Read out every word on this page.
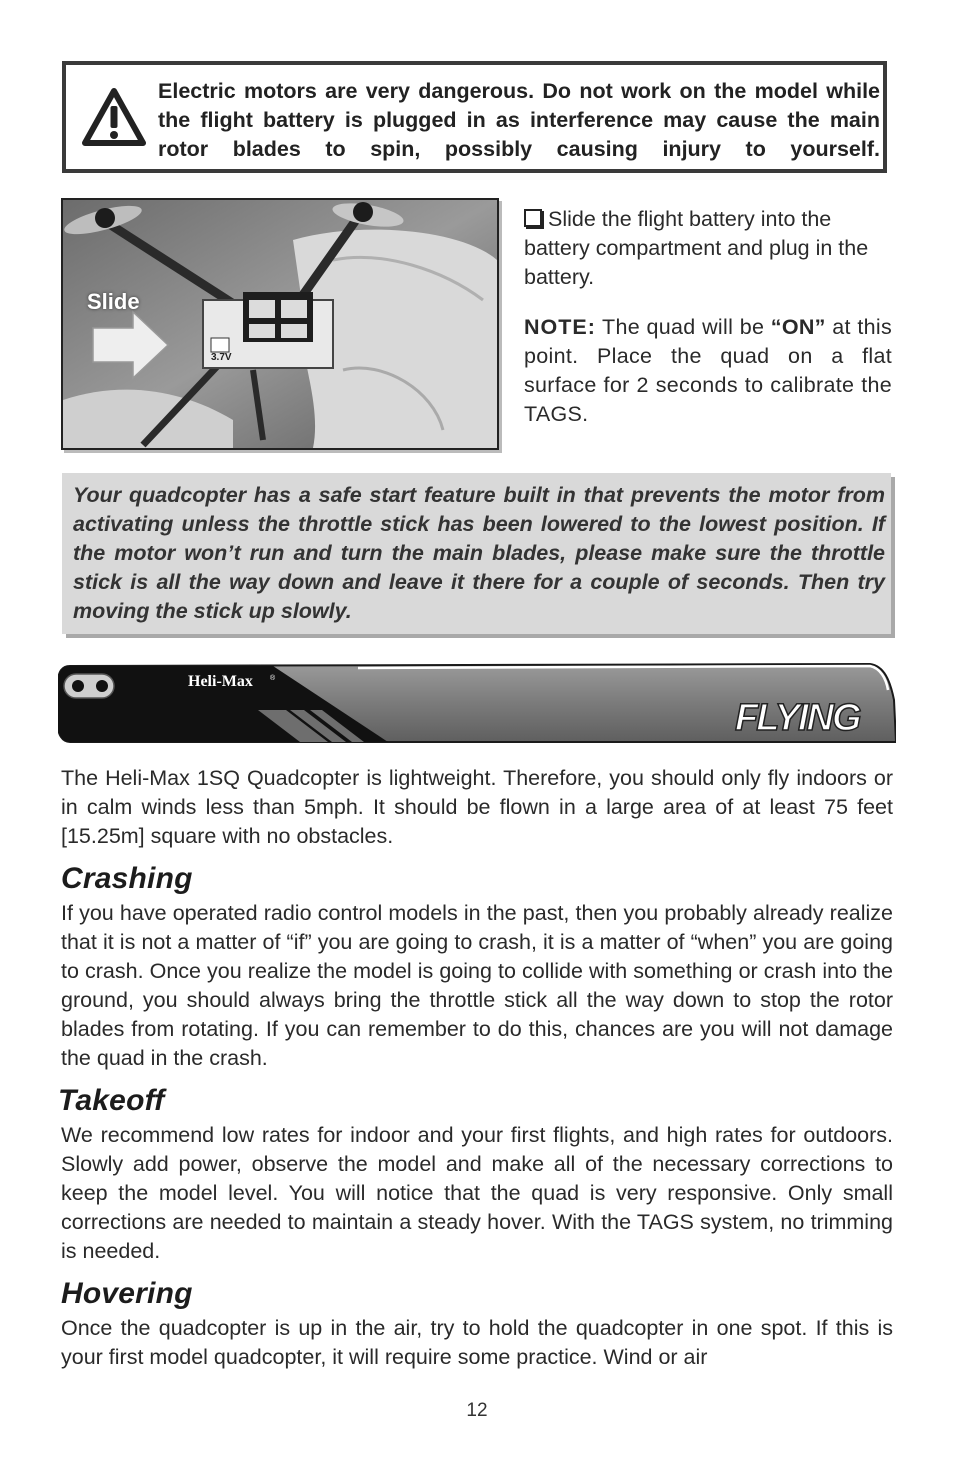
Electric motors are very dangerous. Do not work on the model while the flight battery is plugged in as interference may cause the main rotor blades to spin, possibly causing injury to yourself.
3.7V
Slide
Slide the flight battery into the battery compartment and plug in the battery.
NOTE: The quad will be “ON” at this point. Place the quad on a flat surface for 2 seconds to calibrate the TAGS.
Your quadcopter has a safe start feature built in that prevents the motor from activating unless the throttle stick has been lowered to the lowest position. If the motor won’t run and turn the main blades, please make sure the throttle stick is all the way down and leave it there for a couple of seconds. Then try moving the stick up slowly.
Heli-Max ®
FLYING
The Heli-Max 1SQ Quadcopter is lightweight. Therefore, you should only fly indoors or in calm winds less than 5mph. It should be flown in a large area of at least 75 feet [15.25m] square with no obstacles.
Crashing
If you have operated radio control models in the past, then you probably already realize that it is not a matter of “if” you are going to crash, it is a matter of “when” you are going to crash. Once you realize the model is going to collide with something or crash into the ground, you should always bring the throttle stick all the way down to stop the rotor blades from rotating. If you can remember to do this, chances are you will not damage the quad in the crash.
Takeoff
We recommend low rates for indoor and your first flights, and high rates for outdoors. Slowly add power, observe the model and make all of the necessary corrections to keep the model level. You will notice that the quad is very responsive. Only small corrections are needed to maintain a steady hover. With the TAGS system, no trimming is needed.
Hovering
Once the quadcopter is up in the air, try to hold the quadcopter in one spot. If this is your first model quadcopter, it will require some practice. Wind or air
12
